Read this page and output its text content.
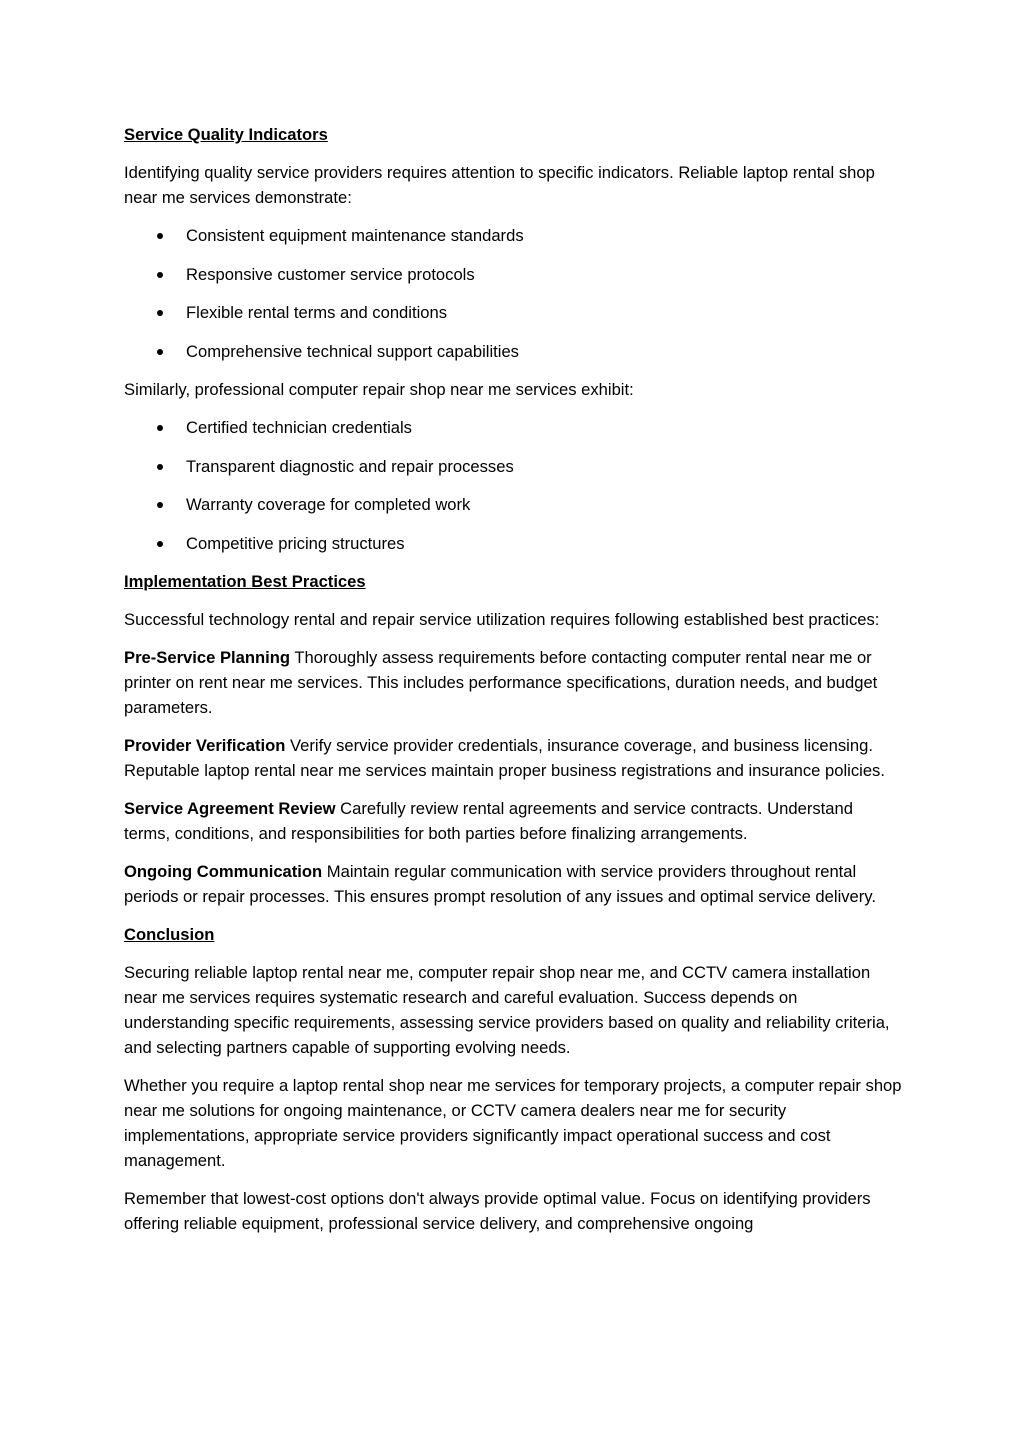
Service Quality Indicators

Identifying quality service providers requires attention to specific indicators. Reliable laptop rental shop near me services demonstrate:

Consistent equipment maintenance standards
Responsive customer service protocols
Flexible rental terms and conditions
Comprehensive technical support capabilities

Similarly, professional computer repair shop near me services exhibit:

Certified technician credentials
Transparent diagnostic and repair processes
Warranty coverage for completed work
Competitive pricing structures
Implementation Best Practices

Successful technology rental and repair service utilization requires following established best practices:

Pre-Service Planning Thoroughly assess requirements before contacting computer rental near me or printer on rent near me services. This includes performance specifications, duration needs, and budget parameters.

Provider Verification Verify service provider credentials, insurance coverage, and business licensing. Reputable laptop rental near me services maintain proper business registrations and insurance policies.

Service Agreement Review Carefully review rental agreements and service contracts. Understand terms, conditions, and responsibilities for both parties before finalizing arrangements.

Ongoing Communication Maintain regular communication with service providers throughout rental periods or repair processes. This ensures prompt resolution of any issues and optimal service delivery.

Conclusion

Securing reliable laptop rental near me, computer repair shop near me, and CCTV camera installation near me services requires systematic research and careful evaluation. Success depends on understanding specific requirements, assessing service providers based on quality and reliability criteria, and selecting partners capable of supporting evolving needs.

Whether you require a laptop rental shop near me services for temporary projects, a computer repair shop near me solutions for ongoing maintenance, or CCTV camera dealers near me for security implementations, appropriate service providers significantly impact operational success and cost management.

Remember that lowest-cost options don't always provide optimal value. Focus on identifying providers offering reliable equipment, professional service delivery, and comprehensive ongoing
